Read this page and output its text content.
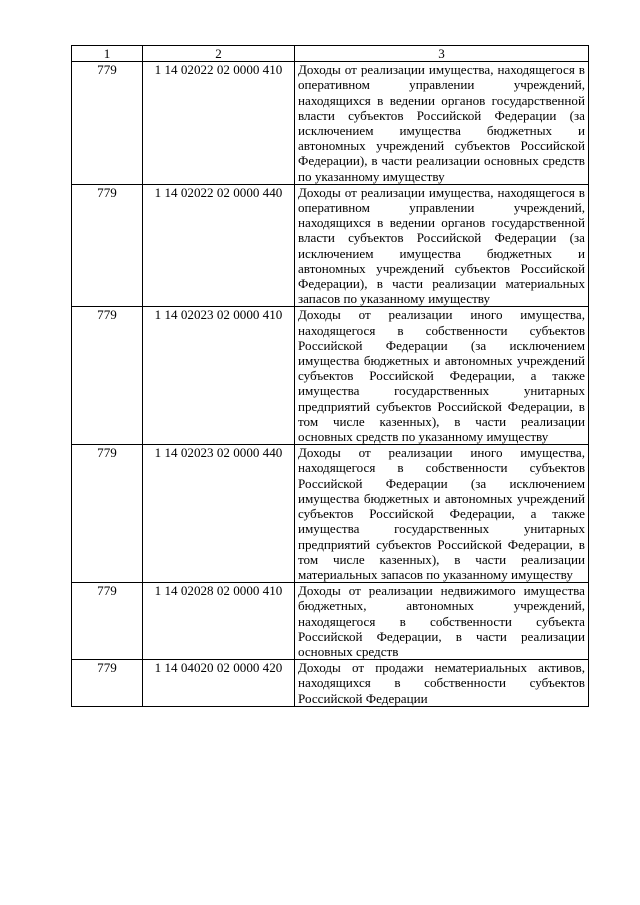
1	2	3
779	1 14 02022 02 0000 410	Доходы от реализации имущества, находящегося в оперативном управлении учреждений, находящихся в ведении органов государственной власти субъектов Российской Федерации (за исключением имущества бюджетных и автономных учреждений субъектов Российской Федерации), в части реализации основных средств по указанному имуществу
779	1 14 02022 02 0000 440	Доходы от реализации имущества, находящегося в оперативном управлении учреждений, находящихся в ведении органов государственной власти субъектов Российской Федерации (за исключением имущества бюджетных и автономных учреждений субъектов Российской Федерации), в части реализации материальных запасов по указанному имуществу
779	1 14 02023 02 0000 410	Доходы от реализации иного имущества, находящегося в собственности субъектов Российской Федерации (за исключением имущества бюджетных и автономных учреждений субъектов Российской Федерации, а также имущества государственных унитарных предприятий субъектов Российской Федерации, в том числе казенных), в части реализации основных средств по указанному имуществу
779	1 14 02023 02 0000 440	Доходы от реализации иного имущества, находящегося в собственности субъектов Российской Федерации (за исключением имущества бюджетных и автономных учреждений субъектов Российской Федерации, а также имущества государственных унитарных предприятий субъектов Российской Федерации, в том числе казенных), в части реализации материальных запасов по указанному имуществу
779	1 14 02028 02 0000 410	Доходы от реализации недвижимого имущества бюджетных, автономных учреждений, находящегося в собственности субъекта Российской Федерации, в части реализации основных средств
779	1 14 04020 02 0000 420	Доходы от продажи нематериальных активов, находящихся в собственности субъектов Российской Федерации
